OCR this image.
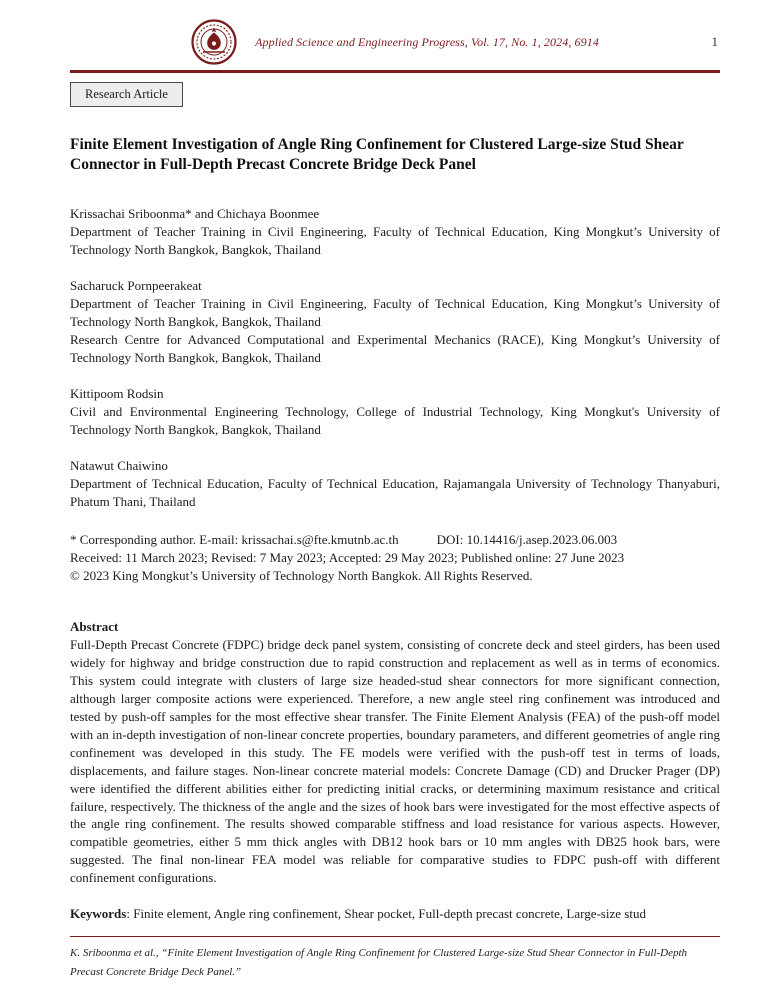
Applied Science and Engineering Progress, Vol. 17, No. 1, 2024, 6914	1
Research Article
Finite Element Investigation of Angle Ring Confinement for Clustered Large-size Stud Shear Connector in Full-Depth Precast Concrete Bridge Deck Panel
Krissachai Sriboonma* and Chichaya Boonmee
Department of Teacher Training in Civil Engineering, Faculty of Technical Education, King Mongkut’s University of Technology North Bangkok, Bangkok, Thailand
Sacharuck Pornpeerakeat
Department of Teacher Training in Civil Engineering, Faculty of Technical Education, King Mongkut’s University of Technology North Bangkok, Bangkok, Thailand
Research Centre for Advanced Computational and Experimental Mechanics (RACE), King Mongkut’s University of Technology North Bangkok, Bangkok, Thailand
Kittipoom Rodsin
Civil and Environmental Engineering Technology, College of Industrial Technology, King Mongkut's University of Technology North Bangkok, Bangkok, Thailand
Natawut Chaiwino
Department of Technical Education, Faculty of Technical Education, Rajamangala University of Technology Thanyaburi, Phatum Thani, Thailand
* Corresponding author. E-mail: krissachai.s@fte.kmutnb.ac.th	DOI: 10.14416/j.asep.2023.06.003
Received: 11 March 2023; Revised: 7 May 2023; Accepted: 29 May 2023; Published online: 27 June 2023
© 2023 King Mongkut’s University of Technology North Bangkok. All Rights Reserved.
Abstract

Full-Depth Precast Concrete (FDPC) bridge deck panel system, consisting of concrete deck and steel girders, has been used widely for highway and bridge construction due to rapid construction and replacement as well as in terms of economics. This system could integrate with clusters of large size headed-stud shear connectors for more significant connection, although larger composite actions were experienced. Therefore, a new angle steel ring confinement was introduced and tested by push-off samples for the most effective shear transfer. The Finite Element Analysis (FEA) of the push-off model with an in-depth investigation of non-linear concrete properties, boundary parameters, and different geometries of angle ring confinement was developed in this study. The FE models were verified with the push-off test in terms of loads, displacements, and failure stages. Non-linear concrete material models: Concrete Damage (CD) and Drucker Prager (DP) were identified the different abilities either for predicting initial cracks, or determining maximum resistance and critical failure, respectively. The thickness of the angle and the sizes of hook bars were investigated for the most effective aspects of the angle ring confinement. The results showed comparable stiffness and load resistance for various aspects. However, compatible geometries, either 5 mm thick angles with DB12 hook bars or 10 mm angles with DB25 hook bars, were suggested. The final non-linear FEA model was reliable for comparative studies to FDPC push-off with different confinement configurations.

Keywords: Finite element, Angle ring confinement, Shear pocket, Full-depth precast concrete, Large-size stud

K. Sriboonma et al., “Finite Element Investigation of Angle Ring Confinement for Clustered Large-size Stud Shear Connector in Full-Depth Precast Concrete Bridge Deck Panel.”
